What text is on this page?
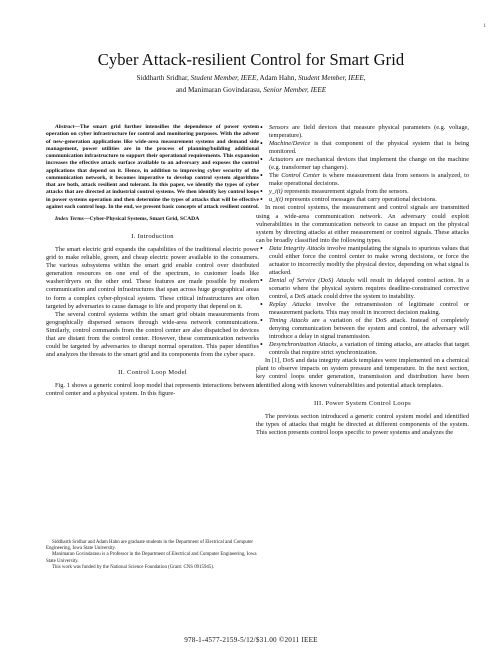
1
Cyber Attack-resilient Control for Smart Grid
Siddharth Sridhar, Student Member, IEEE, Adam Hahn, Student Member, IEEE,
and Manimaran Govindarasu, Senior Member, IEEE

Abstract—The smart grid further intensifies the dependence of power system operation on cyber infrastructure for control and monitoring purposes. With the advent of new-generation applications like wide-area measurement systems and demand side management, power utilities are in the process of planning/building additional communication infrastructure to support their operational requirements. This expansion increases the effective attack surface available to an adversary and exposes the control applications that depend on it. Hence, in addition to improving cyber security of the communication network, it becomes imperative to develop control system algorithms that are both, attack resilient and tolerant. In this paper, we identify the types of cyber attacks that are directed at industrial control systems. We then identify key control loops in power systems operation and then determine the types of attacks that will be effective against each control loop. In the end, we present basic concepts of attack resilient control.

Index Terms—Cyber-Physical Systems, Smart Grid, SCADA

I. Introduction

The smart electric grid expands the capabilities of the traditional electric power grid to make reliable, green, and cheap electric power available to the consumers. The various subsystems within the smart grid enable control over distributed generation resources on one end of the spectrum, to customer loads like washer/dryers on the other end. These features are made possible by modern communication and control infrastructures that span across huge geographical areas to form a complex cyber-physical system. These critical infrastructures are often targeted by adversaries to cause damage to life and property that depend on it.

The several control systems within the smart grid obtain measurements from geographically dispersed sensors through wide-area network communications. Similarly, control commands from the control center are also dispatched to devices that are distant from the control center. However, these communication networks could be targeted by adversaries to disrupt normal operation. This paper identifies and analyzes the threats to the smart grid and its components from the cyber space.

II. Control Loop Model

Fig. 1 shows a generic control loop model that represents interactions between a control center and a physical system. In this figure-

Siddharth Sridhar and Adam Hahn are graduate students in the Department of Electrical and Computer Engineering, Iowa State University.
Manimaran Govindarasu is a Professor in the Department of Electrical and Computer Engineering, Iowa State University.
This work was funded by the National Science Foundation (Grant: CNS 0915945).
• Sensors are field devices that measure physical parameters (e.g. voltage, temperature).
• Machine/Device is that component of the physical system that is being monitored.
• Actuators are mechanical devices that implement the change on the machine (e.g. transformer tap changers).
• The Control Center is where measurement data from sensors is analyzed, to make operational decisions.
• y_i(t) represents measurement signals from the sensors.
• u_i(t) represents control messages that carry operational decisions.

In most control systems, the measurement and control signals are transmitted using a wide-area communication network. An adversary could exploit vulnerabilities in the communication network to cause an impact on the physical system by directing attacks at either measurement or control signals. These attacks can be broadly classified into the following types.

• Data Integrity Attacks involve manipulating the signals to spurious values that could either force the control center to make wrong decisions, or force the actuator to incorrectly modify the physical device, depending on what signal is attacked.
• Denial of Service (DoS) Attacks will result in delayed control action. In a scenario where the physical system requires deadline-constrained corrective control, a DoS attack could drive the system to instability.
• Replay Attacks involve the retransmission of legitimate control or measurement packets. This may result in incorrect decision making.
• Timing Attacks are a variation of the DoS attack. Instead of completely denying communication between the system and control, the adversary will introduce a delay in signal transmission.
• Desynchronization Attacks, a variation of timing attacks, are attacks that target controls that require strict synchronization.

In [1], DoS and data integrity attack templates were implemented on a chemical plant to observe impacts on system pressure and temperature. In the next section, key control loops under generation, transmission and distribution have been identified along with known vulnerabilities and potential attack templates.

III. Power System Control Loops

The previous section introduced a generic control system model and identified the types of attacks that might be directed at different components of the system. This section presents control loops specific to power systems and analyzes the

978-1-4577-2159-5/12/$31.00 ©2011 IEEE
